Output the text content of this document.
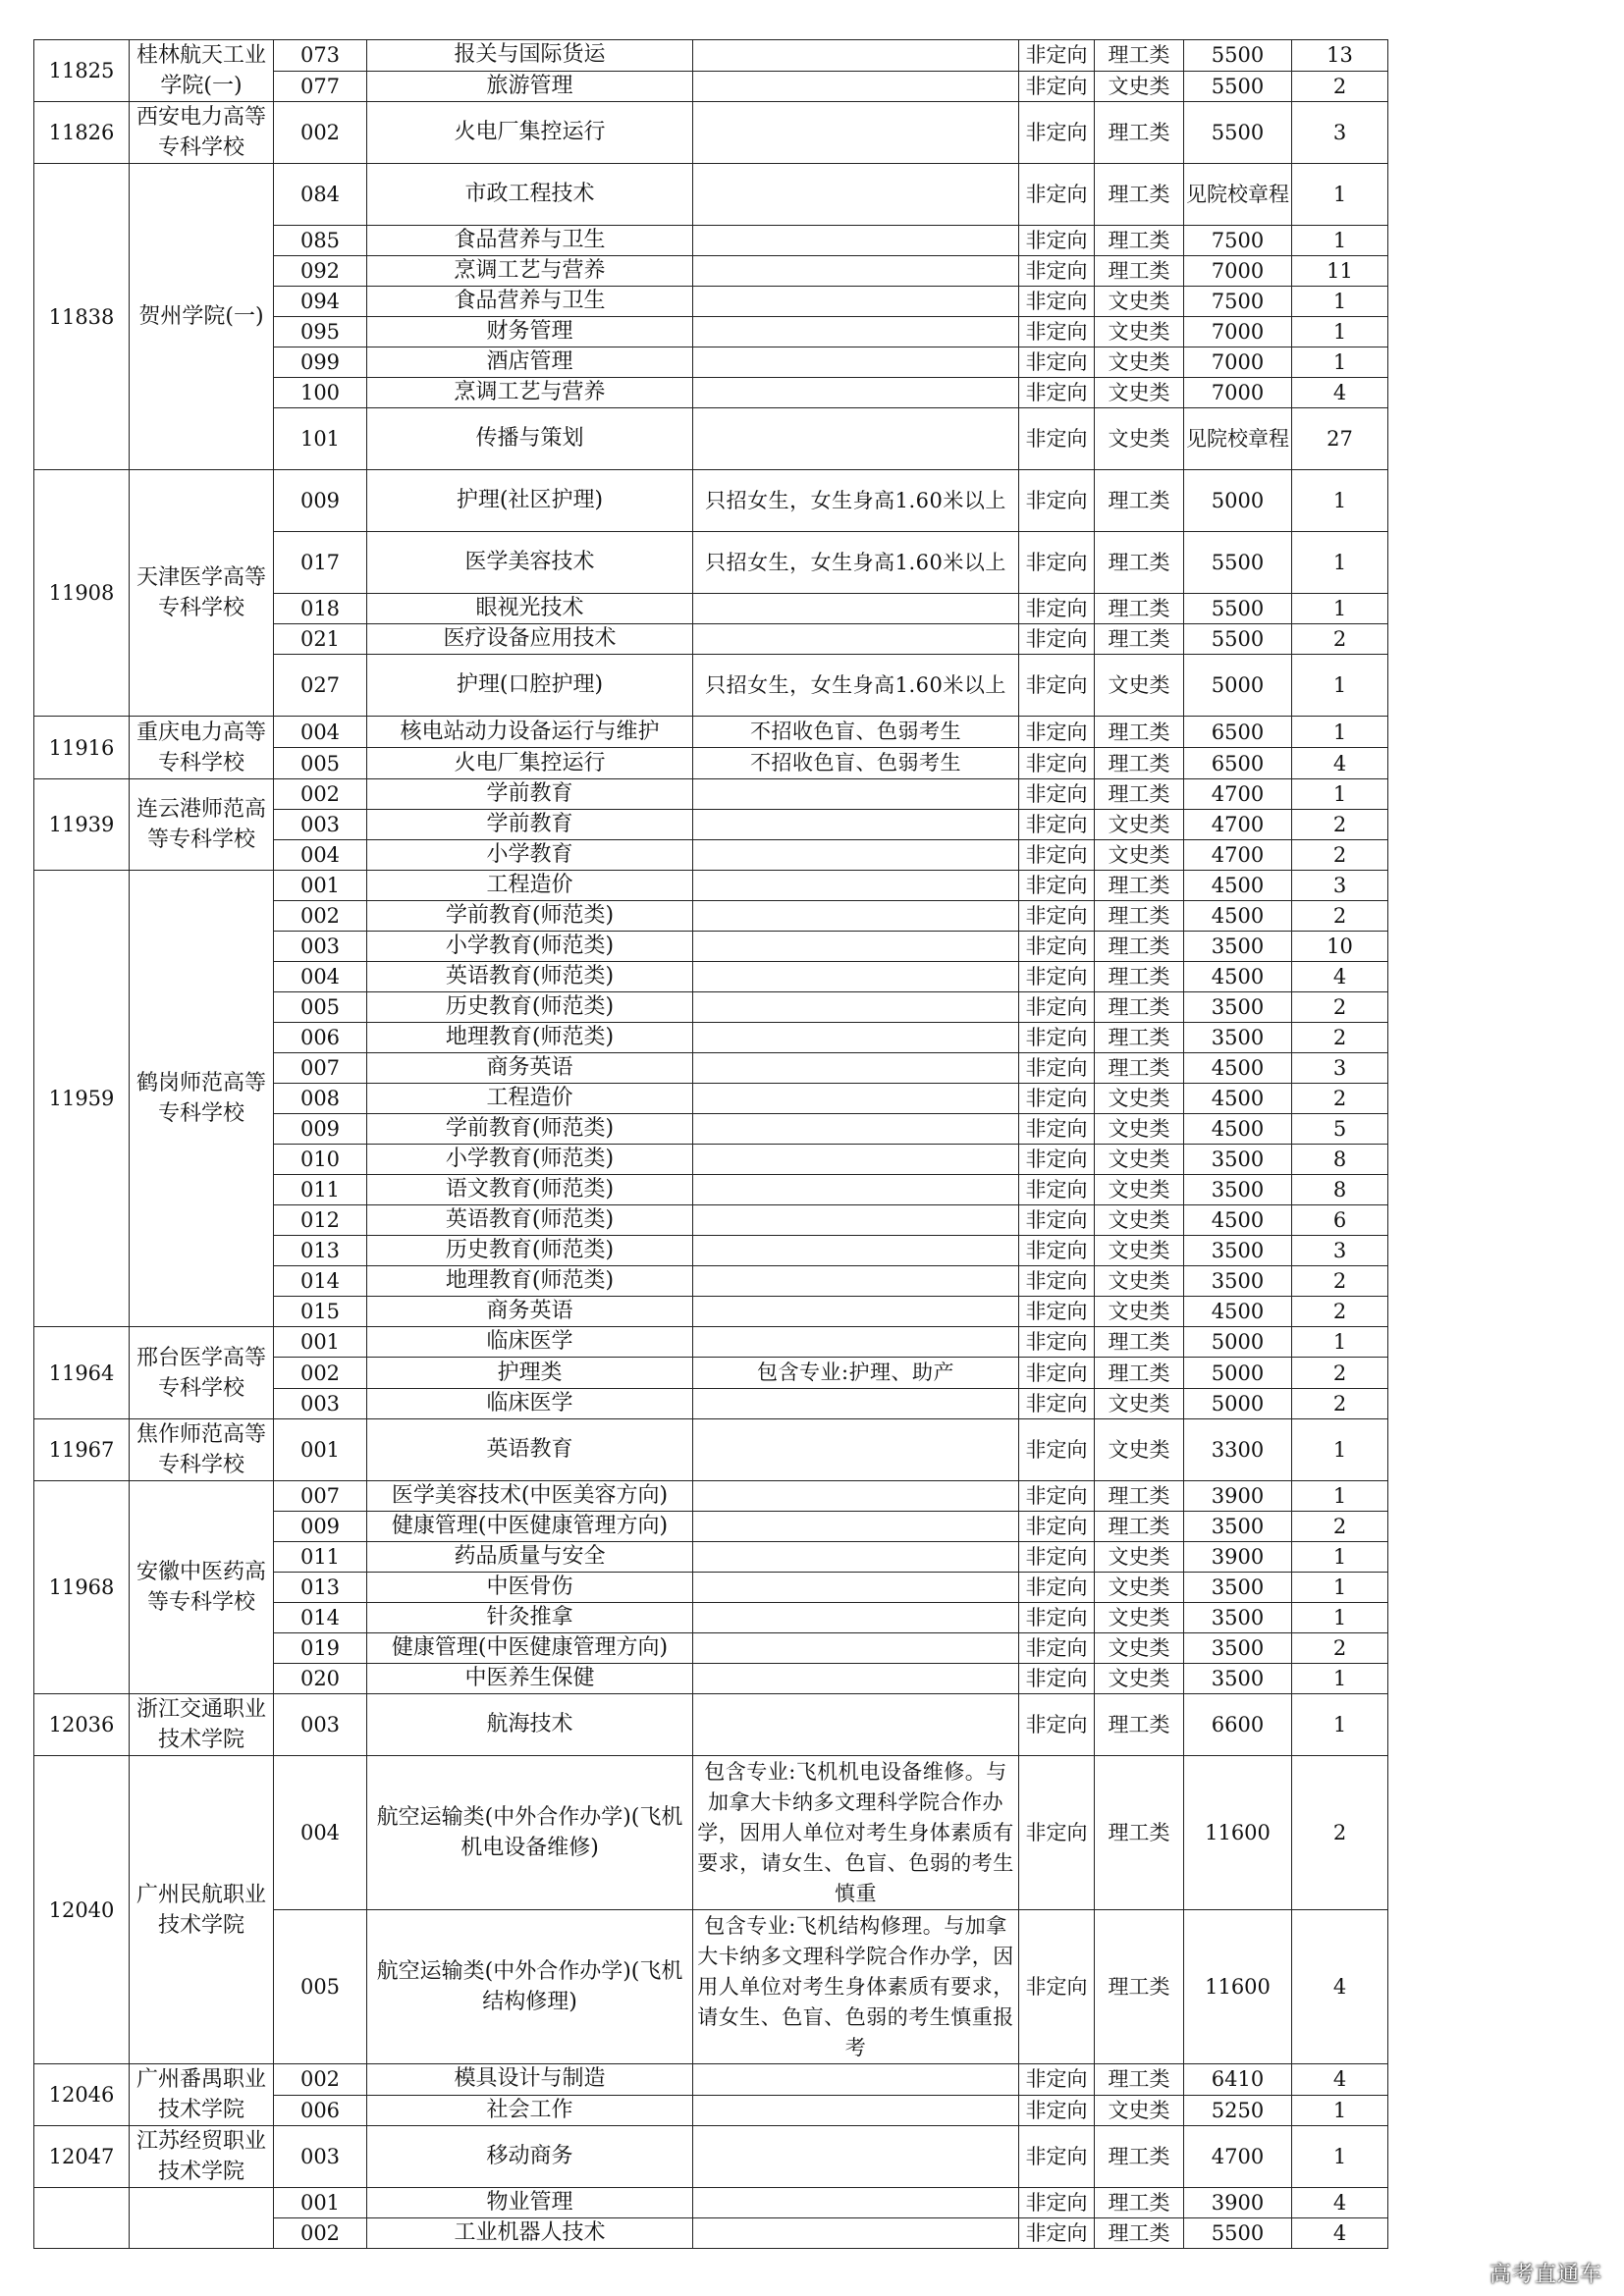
11825	桂林航天工业学院(一)	073	报关与国际货运		非定向	理工类	5500	13
		077	旅游管理		非定向	文史类	5500	2
11826	西安电力高等专科学校	002	火电厂集控运行		非定向	理工类	5500	3
11838	贺州学院(一)	084	市政工程技术		非定向	理工类	见院校章程	1
		085	食品营养与卫生		非定向	理工类	7500	1
		092	烹调工艺与营养		非定向	理工类	7000	11
		094	食品营养与卫生		非定向	文史类	7500	1
		095	财务管理		非定向	文史类	7000	1
		099	酒店管理		非定向	文史类	7000	1
		100	烹调工艺与营养		非定向	文史类	7000	4
		101	传播与策划		非定向	文史类	见院校章程	27
11908	天津医学高等专科学校	009	护理(社区护理)	只招女生，女生身高1.60米以上	非定向	理工类	5000	1
		017	医学美容技术	只招女生，女生身高1.60米以上	非定向	理工类	5500	1
		018	眼视光技术		非定向	理工类	5500	1
		021	医疗设备应用技术		非定向	理工类	5500	2
		027	护理(口腔护理)	只招女生，女生身高1.60米以上	非定向	文史类	5000	1
11916	重庆电力高等专科学校	004	核电站动力设备运行与维护	不招收色盲、色弱考生	非定向	理工类	6500	1
		005	火电厂集控运行	不招收色盲、色弱考生	非定向	理工类	6500	4
11939	连云港师范高等专科学校	002	学前教育		非定向	理工类	4700	1
		003	学前教育		非定向	文史类	4700	2
		004	小学教育		非定向	文史类	4700	2
11959	鹤岗师范高等专科学校	001	工程造价		非定向	理工类	4500	3
		002	学前教育(师范类)		非定向	理工类	4500	2
		003	小学教育(师范类)		非定向	理工类	3500	10
		004	英语教育(师范类)		非定向	理工类	4500	4
		005	历史教育(师范类)		非定向	理工类	3500	2
		006	地理教育(师范类)		非定向	理工类	3500	2
		007	商务英语		非定向	理工类	4500	3
		008	工程造价		非定向	文史类	4500	2
		009	学前教育(师范类)		非定向	文史类	4500	5
		010	小学教育(师范类)		非定向	文史类	3500	8
		011	语文教育(师范类)		非定向	文史类	3500	8
		012	英语教育(师范类)		非定向	文史类	4500	6
		013	历史教育(师范类)		非定向	文史类	3500	3
		014	地理教育(师范类)		非定向	文史类	3500	2
		015	商务英语		非定向	文史类	4500	2
11964	邢台医学高等专科学校	001	临床医学		非定向	理工类	5000	1
		002	护理类	包含专业:护理、助产	非定向	理工类	5000	2
		003	临床医学		非定向	文史类	5000	2
11967	焦作师范高等专科学校	001	英语教育		非定向	文史类	3300	1
11968	安徽中医药高等专科学校	007	医学美容技术(中医美容方向)		非定向	理工类	3900	1
		009	健康管理(中医健康管理方向)		非定向	理工类	3500	2
		011	药品质量与安全		非定向	文史类	3900	1
		013	中医骨伤		非定向	文史类	3500	1
		014	针灸推拿		非定向	文史类	3500	1
		019	健康管理(中医健康管理方向)		非定向	文史类	3500	2
		020	中医养生保健		非定向	文史类	3500	1
12036	浙江交通职业技术学院	003	航海技术		非定向	理工类	6600	1
12040	广州民航职业技术学院	004	航空运输类(中外合作办学)(飞机机电设备维修)	包含专业:飞机机电设备维修。与加拿大卡纳多文理科学院合作办学，因用人单位对考生身体素质有要求，请女生、色盲、色弱的考生慎重	非定向	理工类	11600	2
		005	航空运输类(中外合作办学)(飞机结构修理)	包含专业:飞机结构修理。与加拿大卡纳多文理科学院合作办学，因用人单位对考生身体素质有要求，请女生、色盲、色弱的考生慎重报考	非定向	理工类	11600	4
12046	广州番禺职业技术学院	002	模具设计与制造		非定向	理工类	6410	4
		006	社会工作		非定向	文史类	5250	1
12047	江苏经贸职业技术学院	003	移动商务		非定向	理工类	4700	1
		001	物业管理		非定向	理工类	3900	4
		002	工业机器人技术		非定向	理工类	5500	4
高考直通车
